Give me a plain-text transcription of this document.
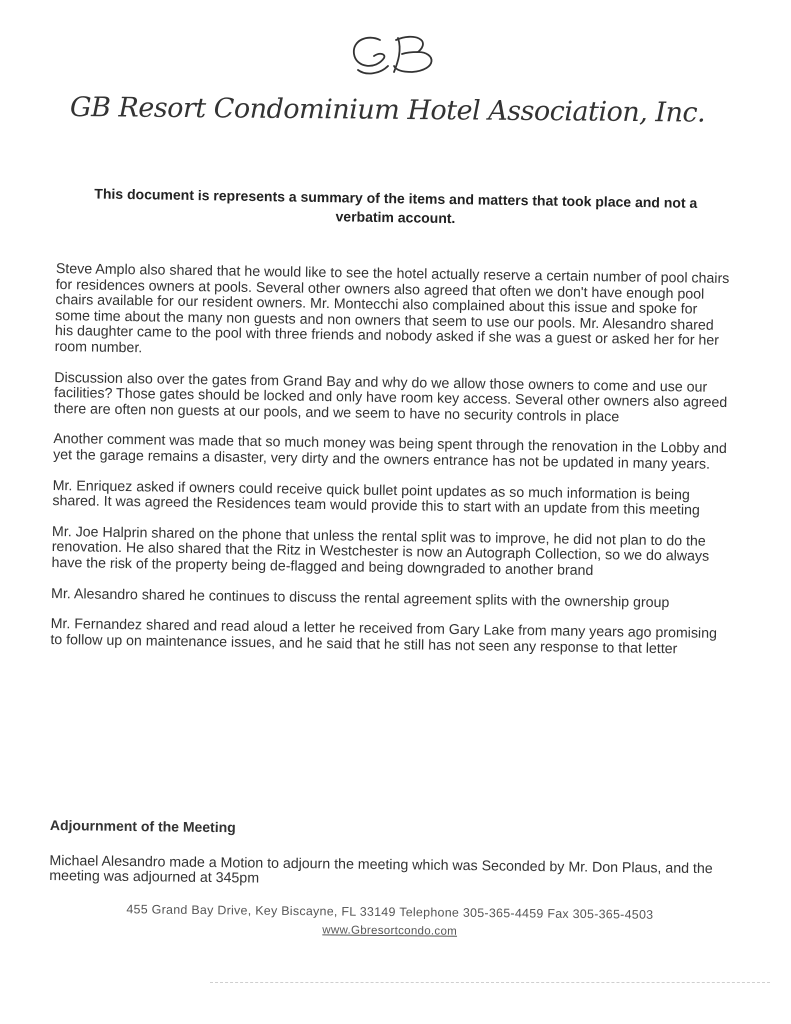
GB Resort Condominium Hotel Association, Inc.
This document is represents a summary of the items and matters that took place and not a verbatim account.

Steve Amplo also shared that he would like to see the hotel actually reserve a certain number of pool chairs for residences owners at pools. Several other owners also agreed that often we don't have enough pool chairs available for our resident owners. Mr. Montecchi also complained about this issue and spoke for some time about the many non guests and non owners that seem to use our pools. Mr. Alesandro shared his daughter came to the pool with three friends and nobody asked if she was a guest or asked her for her room number.

Discussion also over the gates from Grand Bay and why do we allow those owners to come and use our facilities? Those gates should be locked and only have room key access. Several other owners also agreed there are often non guests at our pools, and we seem to have no security controls in place

Another comment was made that so much money was being spent through the renovation in the Lobby and yet the garage remains a disaster, very dirty and the owners entrance has not be updated in many years.

Mr. Enriquez asked if owners could receive quick bullet point updates as so much information is being shared. It was agreed the Residences team would provide this to start with an update from this meeting

Mr. Joe Halprin shared on the phone that unless the rental split was to improve, he did not plan to do the renovation. He also shared that the Ritz in Westchester is now an Autograph Collection, so we do always have the risk of the property being de-flagged and being downgraded to another brand

Mr. Alesandro shared he continues to discuss the rental agreement splits with the ownership group

Mr. Fernandez shared and read aloud a letter he received from Gary Lake from many years ago promising to follow up on maintenance issues, and he said that he still has not seen any response to that letter

Adjournment of the Meeting

Michael Alesandro made a Motion to adjourn the meeting which was Seconded by Mr. Don Plaus, and the meeting was adjourned at 345pm

455 Grand Bay Drive, Key Biscayne, FL 33149 Telephone 305-365-4459 Fax 305-365-4503
www.Gbresortcondo.com
